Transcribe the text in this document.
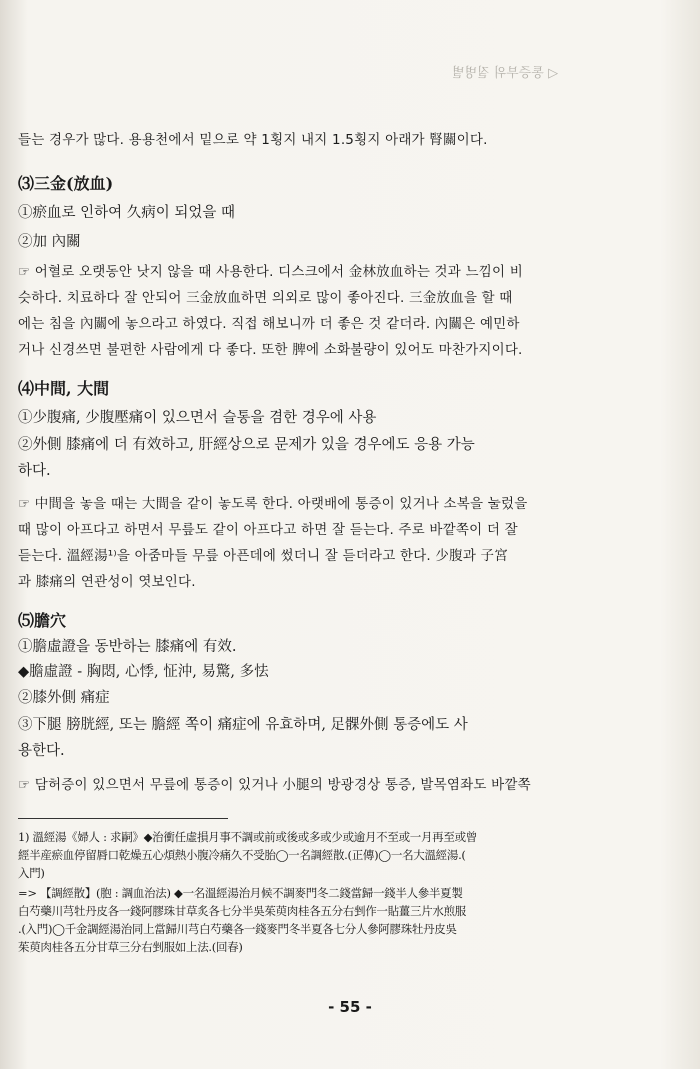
◁ 통증부위 질병별
들는 경우가 많다. 용용천에서 밑으로 약 1횡지 내지 1.5횡지 아래가 腎關이다.
⑶三金(放血)
①瘀血로 인하여 久病이 되었을 때
②加 內關
☞ 어혈로 오랫동안 낫지 않을 때 사용한다. 디스크에서 金林放血하는 것과 느낌이 비
슷하다. 치료하다 잘 안되어 三金放血하면 의외로 많이 좋아진다. 三金放血을 할 때
에는 침을 內關에 놓으라고 하였다. 직접 해보니까 더 좋은 것 같더라. 內關은 예민하
거나 신경쓰면 불편한 사람에게 다 좋다. 또한 脾에 소화불량이 있어도 마찬가지이다.
⑷中間, 大間
①少腹痛, 少腹壓痛이 있으면서 슬통을 겸한 경우에 사용
②外側 膝痛에 더 有效하고, 肝經상으로 문제가 있을 경우에도 응용 가능
하다.
☞ 中間을 놓을 때는 大間을 같이 놓도록 한다. 아랫배에 통증이 있거나 소복을 눌렀을
때 많이 아프다고 하면서 무릎도 같이 아프다고 하면 잘 듣는다. 주로 바깥쪽이 더 잘
듣는다. 溫經湯¹⁾을 아줌마들 무릎 아픈데에 썼더니 잘 듣더라고 한다. 少腹과 子宮
과 膝痛의 연관성이 엿보인다.
⑸膽穴
①膽虛證을 동반하는 膝痛에 有效.
◆膽虛證 - 胸悶, 心悸, 怔沖, 易驚, 多怯
②膝外側 痛症
③下腿 膀胱經, 또는 膽經 쪽이 痛症에 유효하며, 足髁外側 통증에도 사
용한다.
☞ 담허증이 있으면서 무릎에 통증이 있거나 小腿의 방광경상 통증, 발목염좌도 바깥쪽
1) 溫經湯《婦人 : 求嗣》◆治衝任虛損月事不調或前或後或多或少或逾月不至或一月再至或曾
經半産瘀血停留脣口乾燥五心煩熱小腹冷痛久不受胎◯一名調經散.(正傳)◯一名大溫經湯.(
入門)
=> 【調經散】(胞 : 調血治法) ◆一名溫經湯治月候不調麥門冬二錢當歸一錢半人參半夏製
白芍藥川芎牡丹皮各一錢阿膠珠甘草炙各七分半吳茱萸肉桂各五分右剉作一貼薑三片水煎服
.(入門)◯千金調經湯治同上當歸川芎白芍藥各一錢麥門冬半夏各七分人參阿膠珠牡丹皮吳
茱萸肉桂各五分甘草三分右剉服如上法.(回春)
- 55 -
